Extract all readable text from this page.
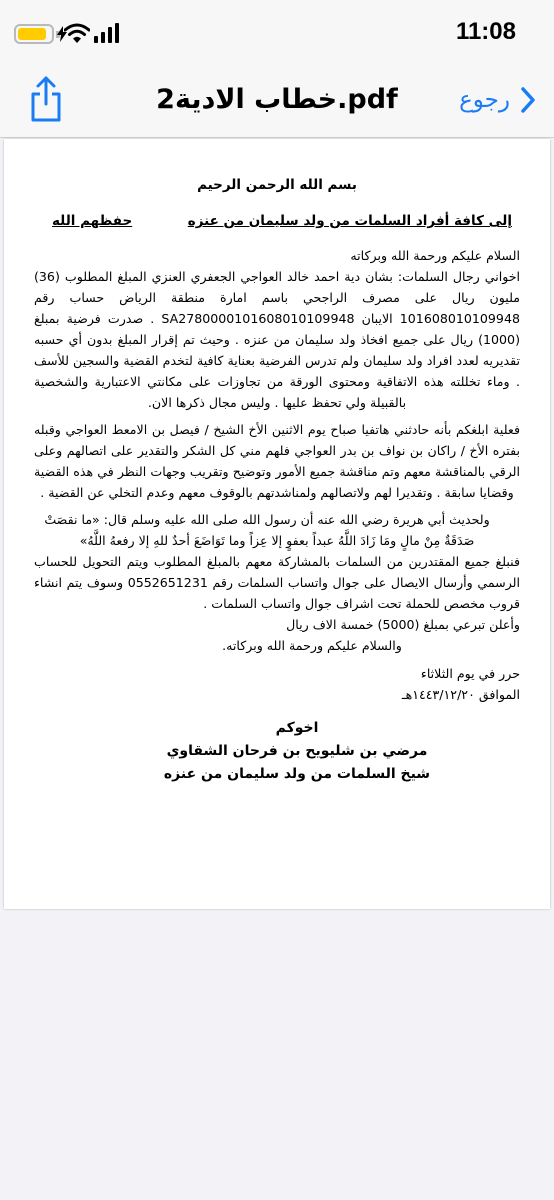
11:08
خطاب الادية2.pdf	رجوع
بسم الله الرحمن الرحيم
إلى كافة أفراد السلمات من ولد سليمان من عنزه
حفظهم الله
السلام عليكم ورحمة الله وبركاته
اخواني رجال السلمات: بشان دية احمد خالد العواجي الجعفري العنزي المبلغ المطلوب (36) مليون ريال على مصرف الراجحي باسم امارة منطقة الرياض حساب رقم 101608010109948 الايبان SA2780000101608010109948 . صدرت فرضية بمبلغ (1000) ريال على جميع افخاذ ولد سليمان من عنزه . وحيث تم إقرار المبلغ بدون أي حسبه تقديريه لعدد افراد ولد سليمان ولم تدرس الفرضية بعناية كافية لتخدم القضية والسجين للأسف . وماء تخللته هذه الاتفاقية ومحتوى الورقة من تجاوزات على مكانتي الاعتبارية والشخصية بالقبيلة ولي تحفظ عليها . وليس مجال ذكرها الان.
فعلية ابلغكم بأنه حادثني هاتفيا صباح يوم الاثنين الأخ الشيخ / فيصل بن الامعط العواجي وقبله بفتره الأخ / راكان بن نواف بن بدر العواجي فلهم مني كل الشكر والتقدير على اتصالهم وعلى الرقي بالمناقشة معهم وتم مناقشة جميع الأمور وتوضيح وتقريب وجهات النظر في هذه القضية وقضايا سابقة . وتقديرا لهم ولاتصالهم ولمناشدتهم بالوقوف معهم وعدم التخلي عن القضية .
ولحديث أبي هريرة رضي الله عنه أن رسول الله صلى الله عليه وسلم قال: «ما نقصَتْ
صَدَقَةٌ مِنْ مالٍ ومَا زَادَ اللَّهُ عبداً بعفوٍ إلا عِزاً وما تَوَاضَعَ أحدٌ للهِ إلا رفعهُ اللَّهُ»
فنبلغ جميع المقتدرين من السلمات بالمشاركة معهم بالمبلغ المطلوب ويتم التحويل للحساب الرسمي وأرسال الايصال على جوال واتساب السلمات رقم 0552651231 وسوف يتم انشاء قروب مخصص للحملة تحت اشراف جوال واتساب السلمات .
وأعلن تبرعي بمبلغ (5000) خمسة الاف ريال
والسلام عليكم ورحمة الله وبركاته.
حرر في يوم الثلاثاء
الموافق ١٤٤٣/١٢/٢٠هـ
اخوكم
مرضي بن شليويح بن فرحان الشقاوي
شيخ السلمات من ولد سليمان من عنزه
